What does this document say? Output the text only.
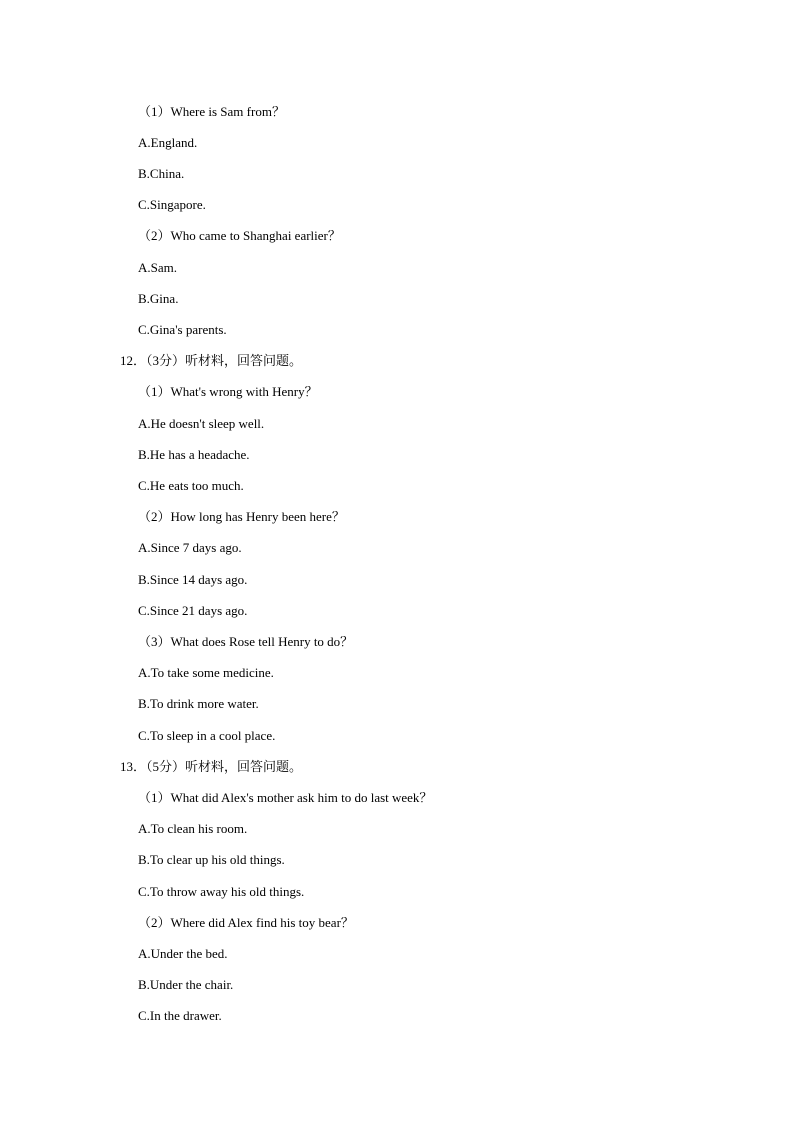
（1）Where is Sam from？
A.England.
B.China.
C.Singapore.
（2）Who came to Shanghai earlier？
A.Sam.
B.Gina.
C.Gina's parents.
12．（3分）听材料，回答问题。
（1）What's wrong with Henry？
A.He doesn't sleep well.
B.He has a headache.
C.He eats too much.
（2）How long has Henry been here？
A.Since 7 days ago.
B.Since 14 days ago.
C.Since 21 days ago.
（3）What does Rose tell Henry to do？
A.To take some medicine.
B.To drink more water.
C.To sleep in a cool place.
13．（5分）听材料，回答问题。
（1）What did Alex's mother ask him to do last week？
A.To clean his room.
B.To clear up his old things.
C.To throw away his old things.
（2）Where did Alex find his toy bear？
A.Under the bed.
B.Under the chair.
C.In the drawer.
